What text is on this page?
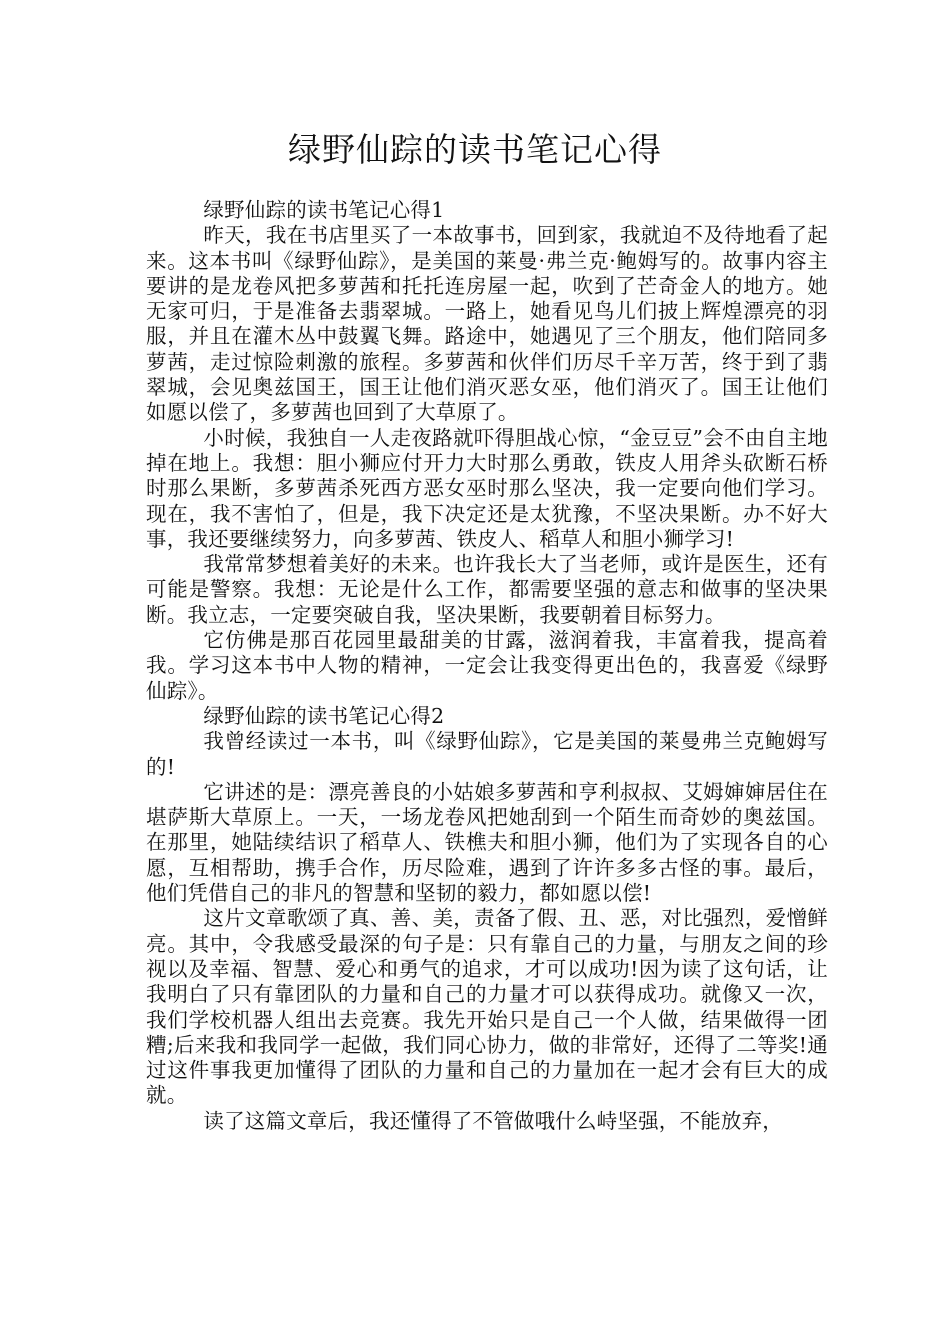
绿野仙踪的读书笔记心得

绿野仙踪的读书笔记心得1

昨天，我在书店里买了一本故事书，回到家，我就迫不及待地看了起来。这本书叫《绿野仙踪》，是美国的莱曼·弗兰克·鲍姆写的。故事内容主要讲的是龙卷风把多萝茜和托托连房屋一起，吹到了芒奇金人的地方。她无家可归，于是准备去翡翠城。一路上，她看见鸟儿们披上辉煌漂亮的羽服，并且在灌木丛中鼓翼飞舞。路途中，她遇见了三个朋友，他们陪同多萝茜，走过惊险刺激的旅程。多萝茜和伙伴们历尽千辛万苦，终于到了翡翠城，会见奥兹国王，国王让他们消灭恶女巫，他们消灭了。国王让他们如愿以偿了，多萝茜也回到了大草原了。

小时候，我独自一人走夜路就吓得胆战心惊，“金豆豆”会不由自主地掉在地上。我想：胆小狮应付开力大时那么勇敢，铁皮人用斧头砍断石桥时那么果断，多萝茜杀死西方恶女巫时那么坚决，我一定要向他们学习。现在，我不害怕了，但是，我下决定还是太犹豫，不坚决果断。办不好大事，我还要继续努力，向多萝茜、铁皮人、稻草人和胆小狮学习!

我常常梦想着美好的未来。也许我长大了当老师，或许是医生，还有可能是警察。我想：无论是什么工作，都需要坚强的意志和做事的坚决果断。我立志，一定要突破自我，坚决果断，我要朝着目标努力。

它仿佛是那百花园里最甜美的甘露，滋润着我，丰富着我，提高着我。学习这本书中人物的精神，一定会让我变得更出色的，我喜爱《绿野仙踪》。

绿野仙踪的读书笔记心得2

我曾经读过一本书，叫《绿野仙踪》，它是美国的莱曼弗兰克鲍姆写的!

它讲述的是：漂亮善良的小姑娘多萝茜和亨利叔叔、艾姆婶婶居住在堪萨斯大草原上。一天，一场龙卷风把她刮到一个陌生而奇妙的奥兹国。在那里，她陆续结识了稻草人、铁樵夫和胆小狮，他们为了实现各自的心愿，互相帮助，携手合作，历尽险难，遇到了许许多多古怪的事。最后，他们凭借自己的非凡的智慧和坚韧的毅力，都如愿以偿!

这片文章歌颂了真、善、美，责备了假、丑、恶，对比强烈，爱憎鲜亮。其中，令我感受最深的句子是：只有靠自己的力量，与朋友之间的珍视以及幸福、智慧、爱心和勇气的追求，才可以成功!因为读了这句话，让我明白了只有靠团队的力量和自己的力量才可以获得成功。就像又一次，我们学校机器人组出去竞赛。我先开始只是自己一个人做，结果做得一团糟;后来我和我同学一起做，我们同心协力，做的非常好，还得了二等奖!通过这件事我更加懂得了团队的力量和自己的力量加在一起才会有巨大的成就。

读了这篇文章后，我还懂得了不管做哦什么峙坚强，不能放弃，
